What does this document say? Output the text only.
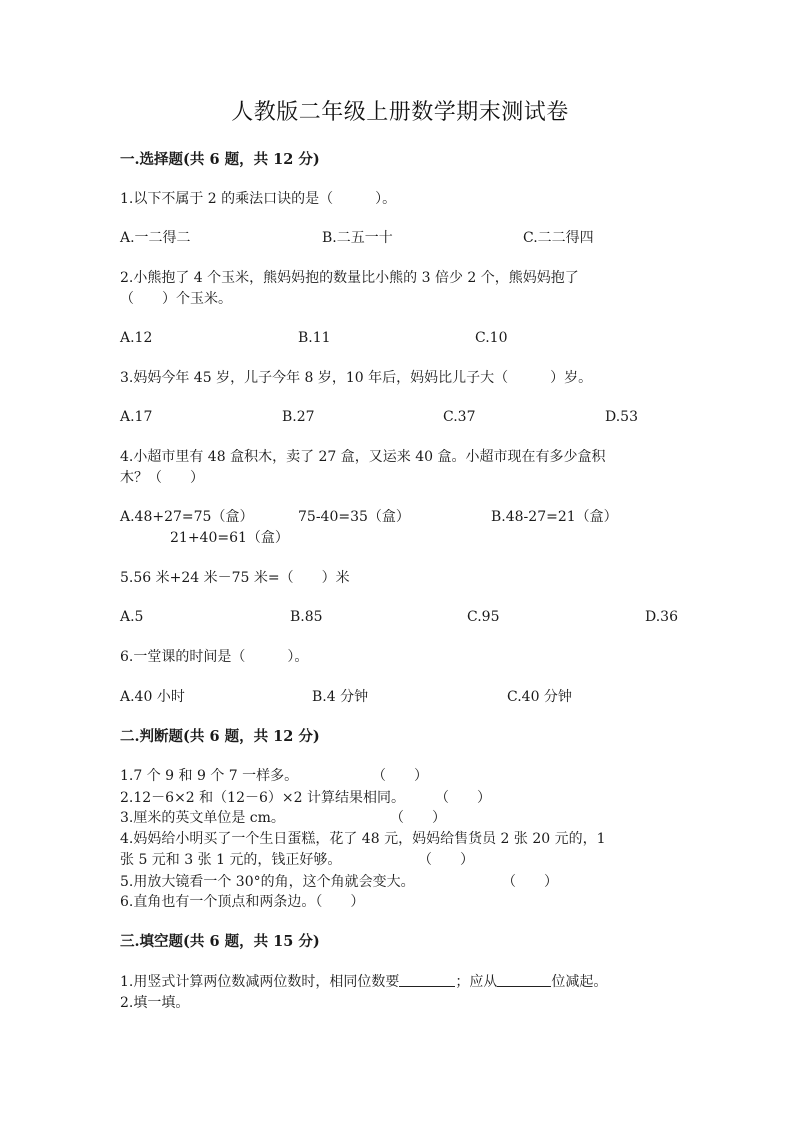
人教版二年级上册数学期末测试卷
一.选择题(共 6 题，共 12 分)
1.以下不属于 2 的乘法口诀的是（　　　）。
A.一二得二	B.二五一十	C.二二得四
2.小熊抱了 4 个玉米，熊妈妈抱的数量比小熊的 3 倍少 2 个，熊妈妈抱了
（　　）个玉米。
A.12	B.11	C.10
3.妈妈今年 45 岁，儿子今年 8 岁，10 年后，妈妈比儿子大（　　　）岁。
A.17	B.27	C.37	D.53
4.小超市里有 48 盒积木，卖了 27 盒，又运来 40 盒。小超市现在有多少盒积
木？（　　）
A.48+27=75（盒）	75-40=35（盒）	B.48-27=21（盒）
21+40=61（盒）
5.56 米+24 米－75 米=（　　）米
A.5	B.85	C.95	D.36
6.一堂课的时间是（　　　）。
A.40 小时	B.4 分钟	C.40 分钟
二.判断题(共 6 题，共 12 分)
1.7 个 9 和 9 个 7 一样多。	（　　）
2.12－6×2 和（12－6）×2 计算结果相同。 （　　）
3.厘米的英文单位是 cm。	（　　）
4.妈妈给小明买了一个生日蛋糕，花了 48 元，妈妈给售货员 2 张 20 元的，1
张 5 元和 3 张 1 元的，钱正好够。	（　　）
5.用放大镜看一个 30°的角，这个角就会变大。	（　　）
6.直角也有一个顶点和两条边。（　　）
三.填空题(共 6 题，共 15 分)
1.用竖式计算两位数减两位数时，相同位数要	；应从	位减起。
2.填一填。
